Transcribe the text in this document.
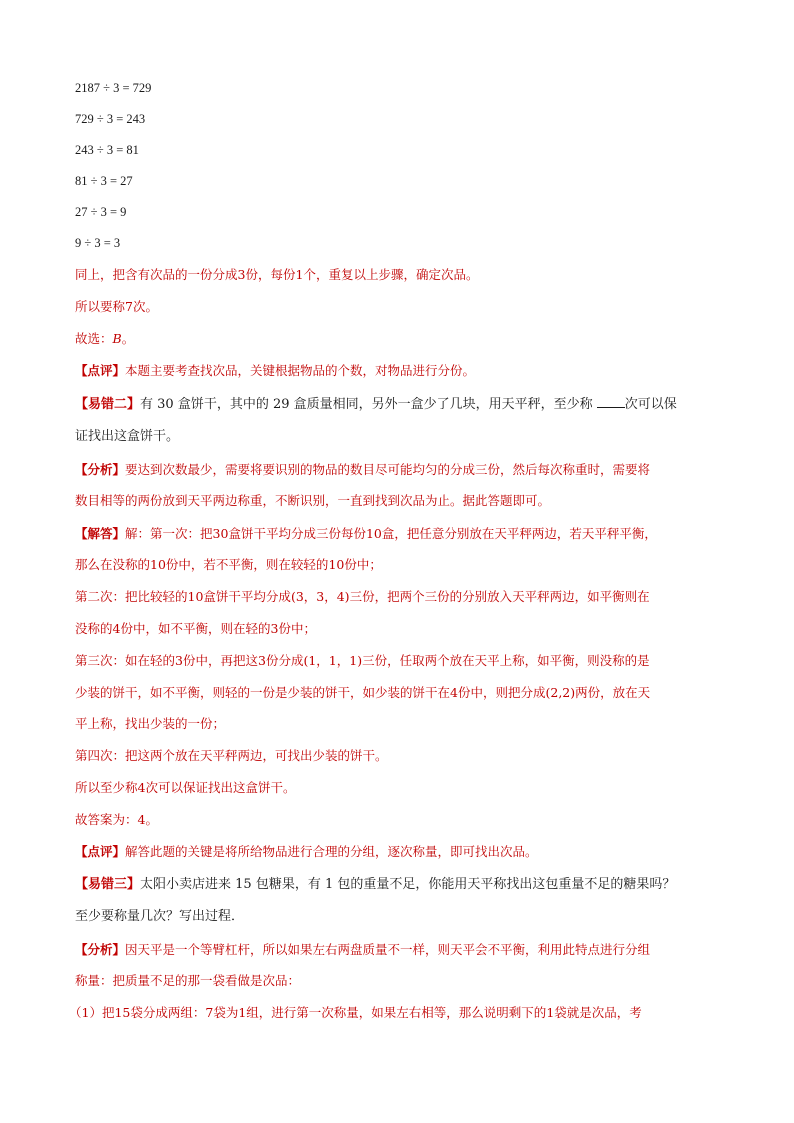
2187 ÷ 3 = 729
729 ÷ 3 = 243
243 ÷ 3 = 81
81 ÷ 3 = 27
27 ÷ 3 = 9
9 ÷ 3 = 3
同上，把含有次品的一份分成3份，每份1个，重复以上步骤，确定次品。
所以要称7次。
故选：B。
【点评】本题主要考查找次品，关键根据物品的个数，对物品进行分份。
【易错二】有 30 盒饼干，其中的 29 盒质量相同，另外一盒少了几块，用天平秤，至少称 次可以保
证找出这盒饼干。
【分析】要达到次数最少，需要将要识别的物品的数目尽可能均匀的分成三份，然后每次称重时，需要将
数目相等的两份放到天平两边称重，不断识别，一直到找到次品为止。据此答题即可。
【解答】解：第一次：把30盒饼干平均分成三份每份10盒，把任意分别放在天平秤两边，若天平秤平衡，
那么在没称的10份中，若不平衡，则在较轻的10份中；
第二次：把比较轻的10盒饼干平均分成(3，3，4)三份，把两个三份的分别放入天平秤两边，如平衡则在
没称的4份中，如不平衡，则在轻的3份中；
第三次：如在轻的3份中，再把这3份分成(1，1，1)三份，任取两个放在天平上称，如平衡，则没称的是
少装的饼干，如不平衡，则轻的一份是少装的饼干，如少装的饼干在4份中，则把分成(2,2)两份，放在天
平上称，找出少装的一份；
第四次：把这两个放在天平秤两边，可找出少装的饼干。
所以至少称4次可以保证找出这盒饼干。
故答案为：4。
【点评】解答此题的关键是将所给物品进行合理的分组，逐次称量，即可找出次品。
【易错三】太阳小卖店进来 15 包糖果，有 1 包的重量不足，你能用天平称找出这包重量不足的糖果吗？
至少要称量几次？写出过程．
【分析】因天平是一个等臂杠杆，所以如果左右两盘质量不一样，则天平会不平衡，利用此特点进行分组
称量：把质量不足的那一袋看做是次品：
（1）把15袋分成两组：7袋为1组，进行第一次称量，如果左右相等，那么说明剩下的1袋就是次品，考
